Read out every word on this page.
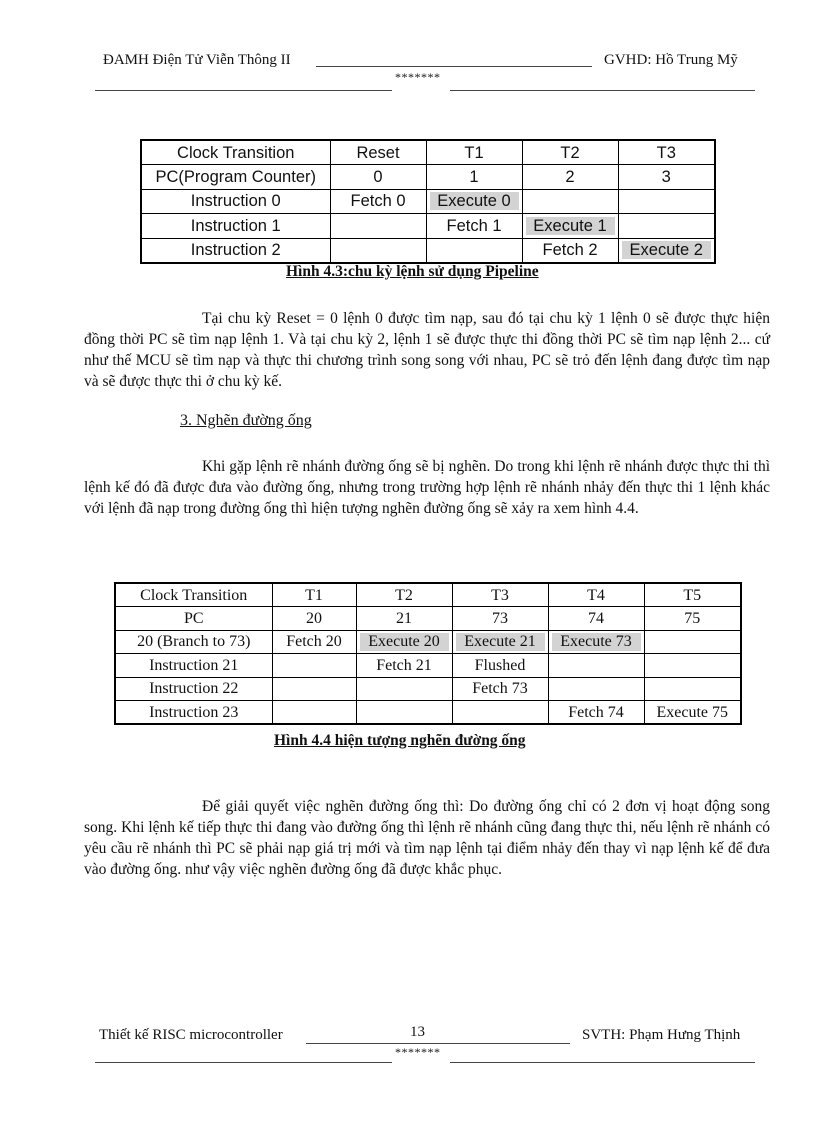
ĐAMH Điện Tử Viễn Thông II	GVHD: Hồ Trung Mỹ
*******
Clock Transition	Reset	T1	T2	T3
PC(Program Counter)	0	1	2	3
Instruction 0	Fetch 0	Execute 0		

Instruction 1		Fetch 1	Execute 1	

Instruction 2			Fetch 2	Execute 2
Hình 4.3:chu kỳ lệnh sử dụng Pipeline

Tại chu kỳ Reset = 0 lệnh 0 được tìm nạp, sau đó tại chu kỳ 1 lệnh 0 sẽ được thực hiện đồng thời PC sẽ tìm nạp lệnh 1. Và tại chu kỳ 2, lệnh 1 sẽ được thực thi đồng thời PC sẽ tìm nạp lệnh 2... cứ như thế MCU sẽ tìm nạp và thực thi chương trình song song với nhau, PC sẽ trỏ đến lệnh đang được tìm nạp và sẽ được thực thi ở chu kỳ kế.

3. Nghẽn đường ống

Khi gặp lệnh rẽ nhánh đường ống sẽ bị nghẽn. Do trong khi lệnh rẽ nhánh được thực thi thì lệnh kế đó đã được đưa vào đường ống, nhưng trong trường hợp lệnh rẽ nhánh nhảy đến thực thi 1 lệnh khác với lệnh đã nạp trong đường ống thì hiện tượng nghẽn đường ống sẽ xảy ra xem hình 4.4.

Clock Transition	T1	T2	T3	T4	T5
PC	20	21	73	74	75
20 (Branch to 73)	Fetch 20	Execute 20	Execute 21	Execute 73	

Instruction 21		Fetch 21	Flushed		
Instruction 22			Fetch 73		
Instruction 23				Fetch 74	Execute 75
Hình 4.4 hiện tượng nghẽn đường ống

Để giải quyết việc nghẽn đường ống thì: Do đường ống chỉ có 2 đơn vị hoạt động song song. Khi lệnh kế tiếp thực thi đang vào đường ống thì lệnh rẽ nhánh cũng đang thực thi, nếu lệnh rẽ nhánh có yêu cầu rẽ nhánh thì PC sẽ phải nạp giá trị mới và tìm nạp lệnh tại điểm nhảy đến thay vì nạp lệnh kế để đưa vào đường ống. như vậy việc nghẽn đường ống đã được khắc phục.

Thiết kế RISC microcontroller	13	SVTH: Phạm Hưng Thịnh
*******
